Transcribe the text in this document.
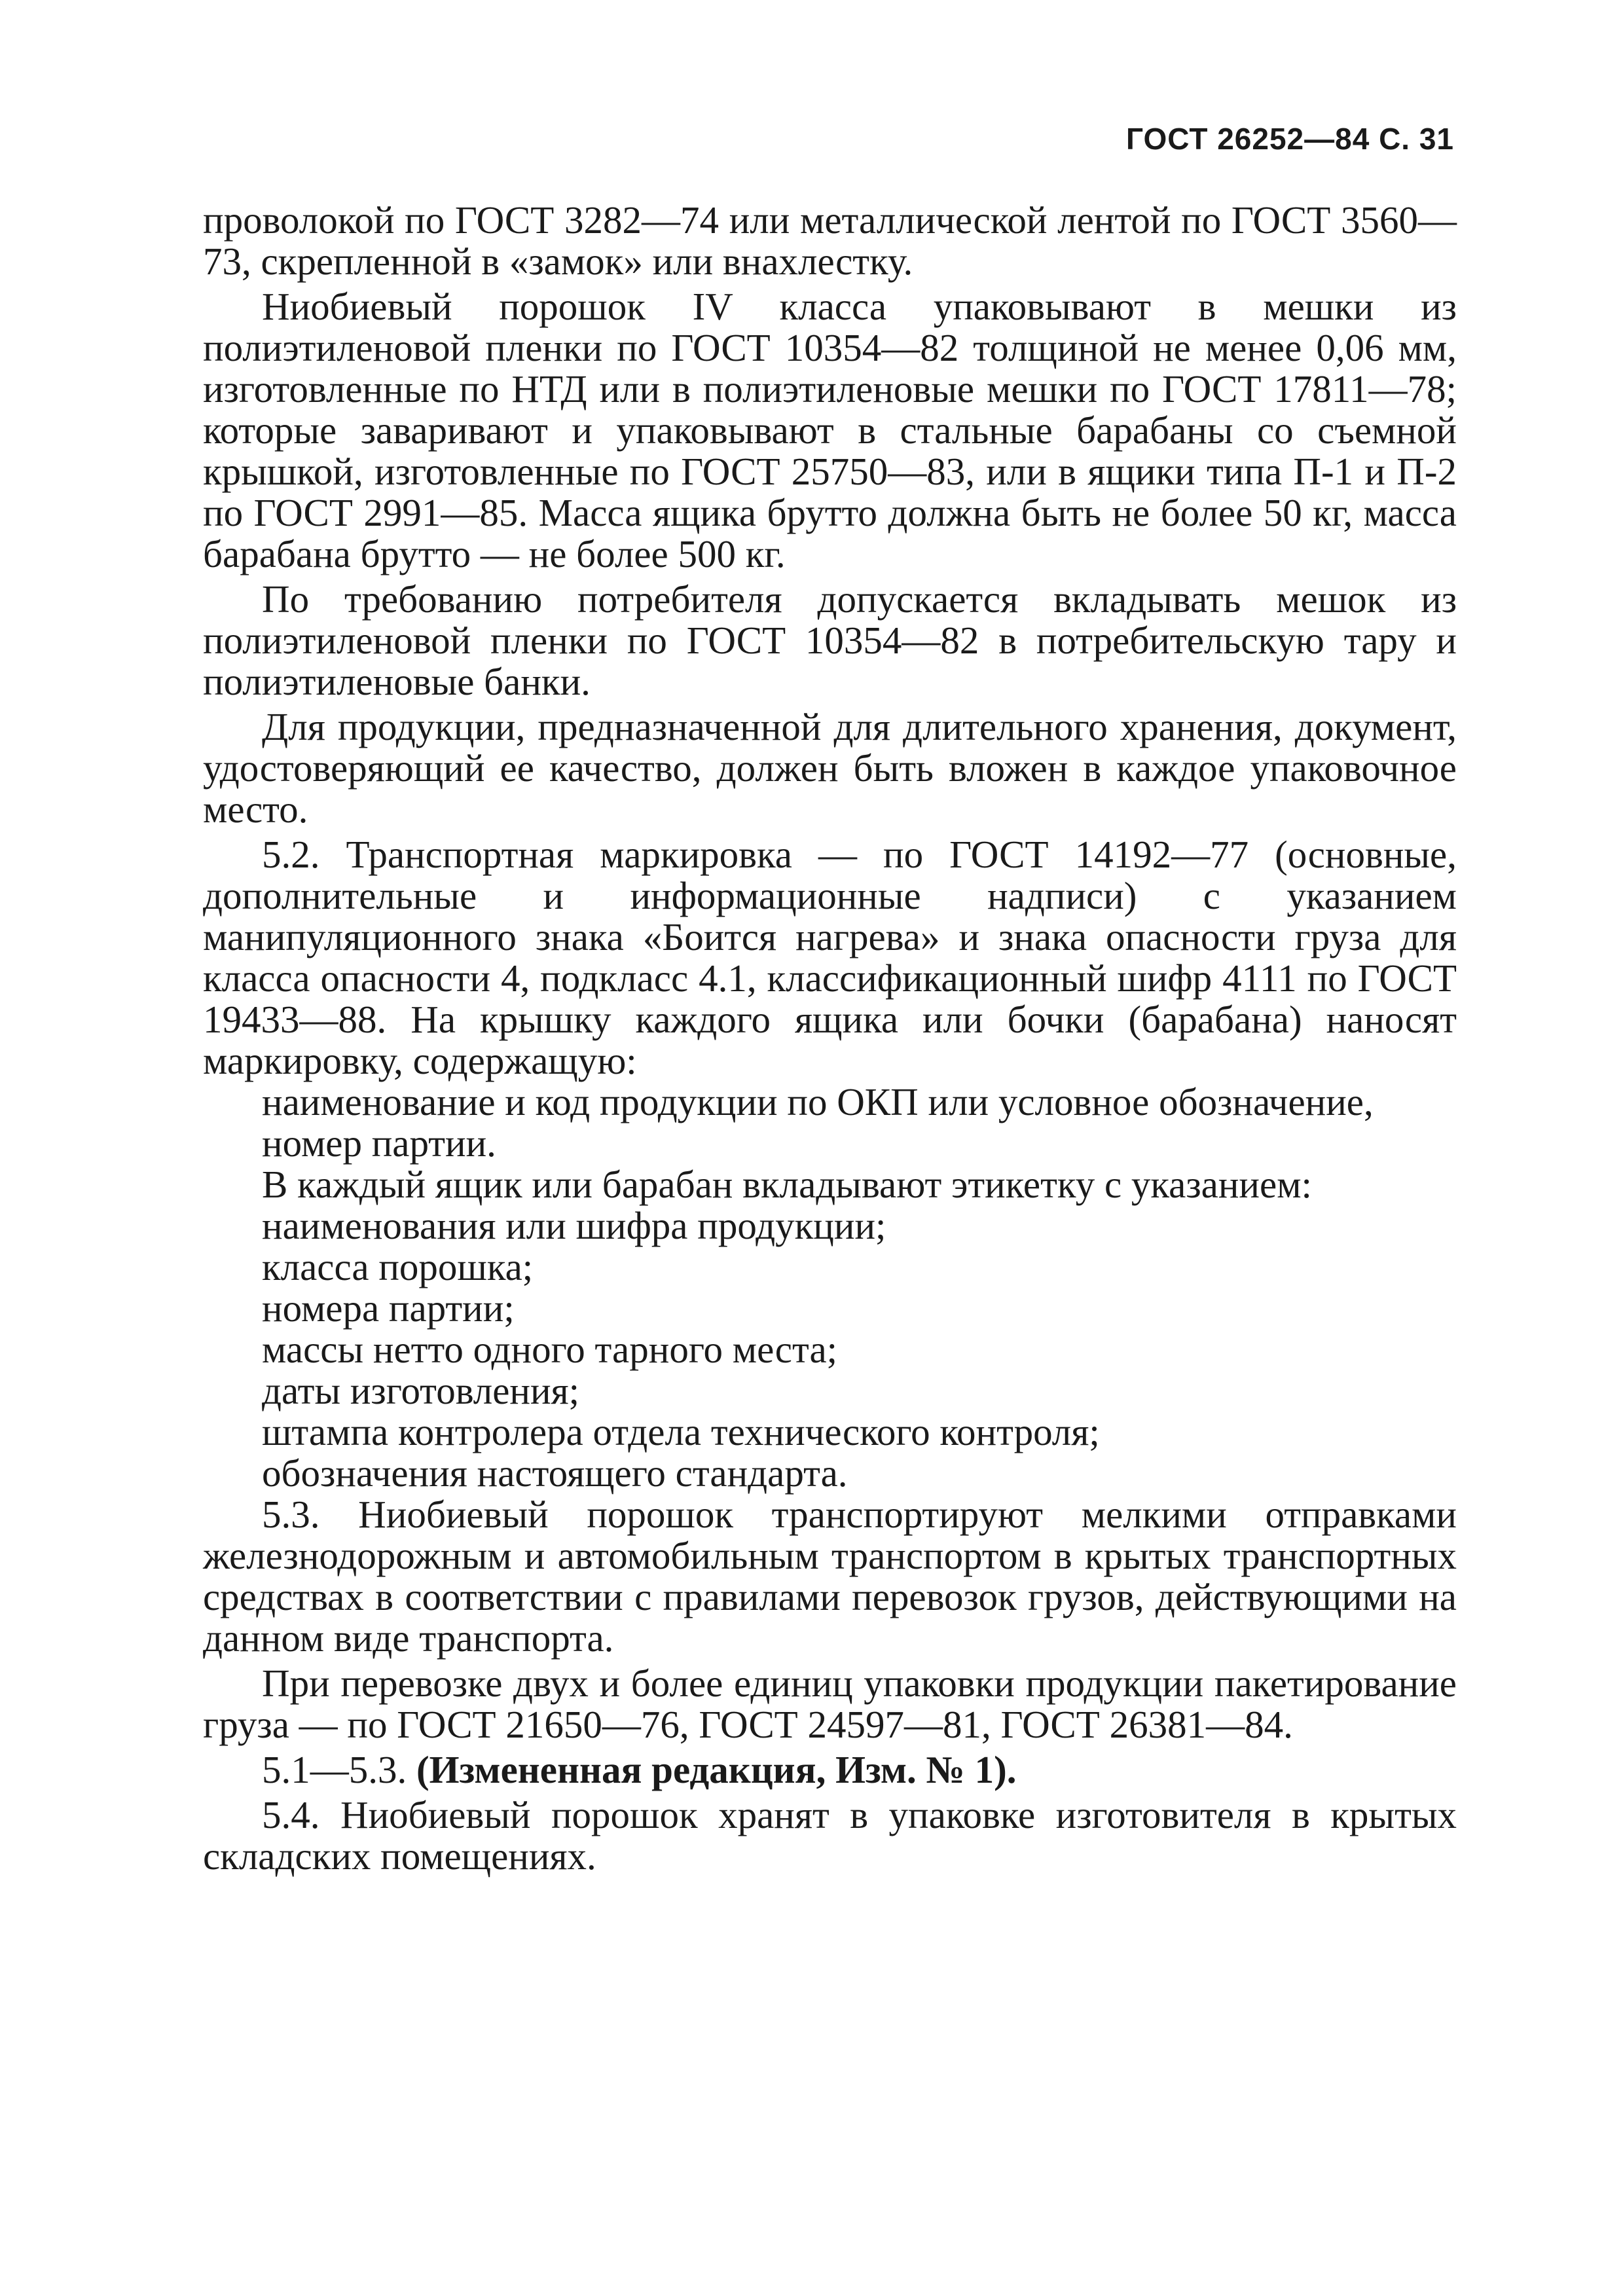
ГОСТ 26252—84 С. 31

проволокой по ГОСТ 3282—74 или металлической лентой по ГОСТ 3560—73, скрепленной в «замок» или внахлестку.

Ниобиевый порошок IV класса упаковывают в мешки из полиэтиленовой пленки по ГОСТ 10354—82 толщиной не менее 0,06 мм, изготовленные по НТД или в полиэтиленовые мешки по ГОСТ 17811—78; которые заваривают и упаковывают в стальные барабаны со съемной крышкой, изготовленные по ГОСТ 25750—83, или в ящики типа П-1 и П-2 по ГОСТ 2991—85. Масса ящика брутто должна быть не более 50 кг, масса барабана брутто — не более 500 кг.

По требованию потребителя допускается вкладывать мешок из полиэтиленовой пленки по ГОСТ 10354—82 в потребительскую тару и полиэтиленовые банки.

Для продукции, предназначенной для длительного хранения, документ, удостоверяющий ее качество, должен быть вложен в каждое упаковочное место.

5.2. Транспортная маркировка — по ГОСТ 14192—77 (основные, дополнительные и информационные надписи) с указанием манипуляционного знака «Боится нагрева» и знака опасности груза для класса опасности 4, подкласс 4.1, классификационный шифр 4111 по ГОСТ 19433—88. На крышку каждого ящика или бочки (барабана) наносят маркировку, содержащую:

наименование и код продукции по ОКП или условное обозначение,

номер партии.

В каждый ящик или барабан вкладывают этикетку с указанием:

наименования или шифра продукции;

класса порошка;

номера партии;

массы нетто одного тарного места;

даты изготовления;

штампа контролера отдела технического контроля;

обозначения настоящего стандарта.

5.3. Ниобиевый порошок транспортируют мелкими отправками железнодорожным и автомобильным транспортом в крытых транспортных средствах в соответствии с правилами перевозок грузов, действующими на данном виде транспорта.

При перевозке двух и более единиц упаковки продукции пакетирование груза — по ГОСТ 21650—76, ГОСТ 24597—81, ГОСТ 26381—84.

5.1—5.3. (Измененная редакция, Изм. № 1).

5.4. Ниобиевый порошок хранят в упаковке изготовителя в крытых складских помещениях.
